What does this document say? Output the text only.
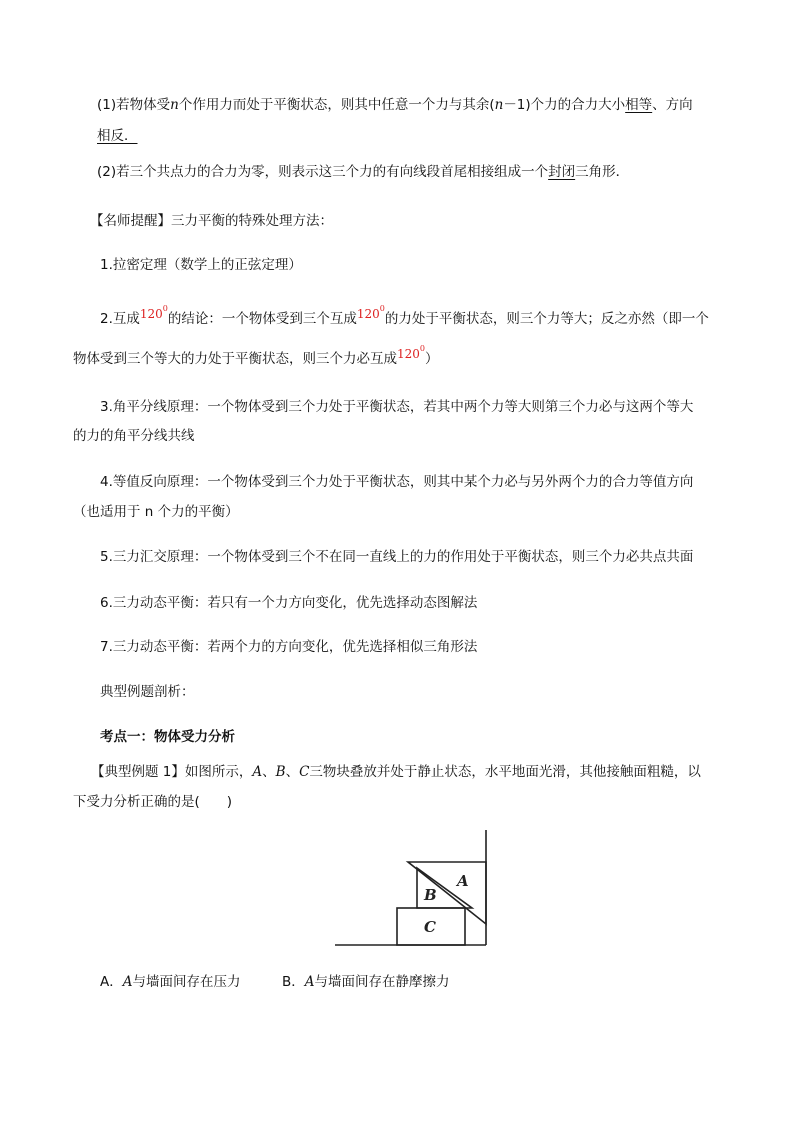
(1)若物体受n个作用力而处于平衡状态，则其中任意一个力与其余(n－1)个力的合力大小相等、方向
相反．
(2)若三个共点力的合力为零，则表示这三个力的有向线段首尾相接组成一个封闭三角形．
【名师提醒】三力平衡的特殊处理方法：
1.拉密定理（数学上的正弦定理）
2.互成$120^0$的结论：一个物体受到三个互成$120^0$的力处于平衡状态，则三个力等大；反之亦然（即一个
物体受到三个等大的力处于平衡状态，则三个力必互成$120^0$）
3.角平分线原理：一个物体受到三个力处于平衡状态，若其中两个力等大则第三个力必与这两个等大
的力的角平分线共线
4.等值反向原理：一个物体受到三个力处于平衡状态，则其中某个力必与另外两个力的合力等值方向
（也适用于 n 个力的平衡）
5.三力汇交原理：一个物体受到三个不在同一直线上的力的作用处于平衡状态，则三个力必共点共面
6.三力动态平衡：若只有一个力方向变化，优先选择动态图解法
7.三力动态平衡：若两个力的方向变化，优先选择相似三角形法
典型例题剖析：
考点一：物体受力分析
【典型例题 1】如图所示，A、B、C三物块叠放并处于静止状态，水平地面光滑，其他接触面粗糙，以
下受力分析正确的是(　　)
A
B
C
A．A与墙面间存在压力	B．A与墙面间存在静摩擦力
